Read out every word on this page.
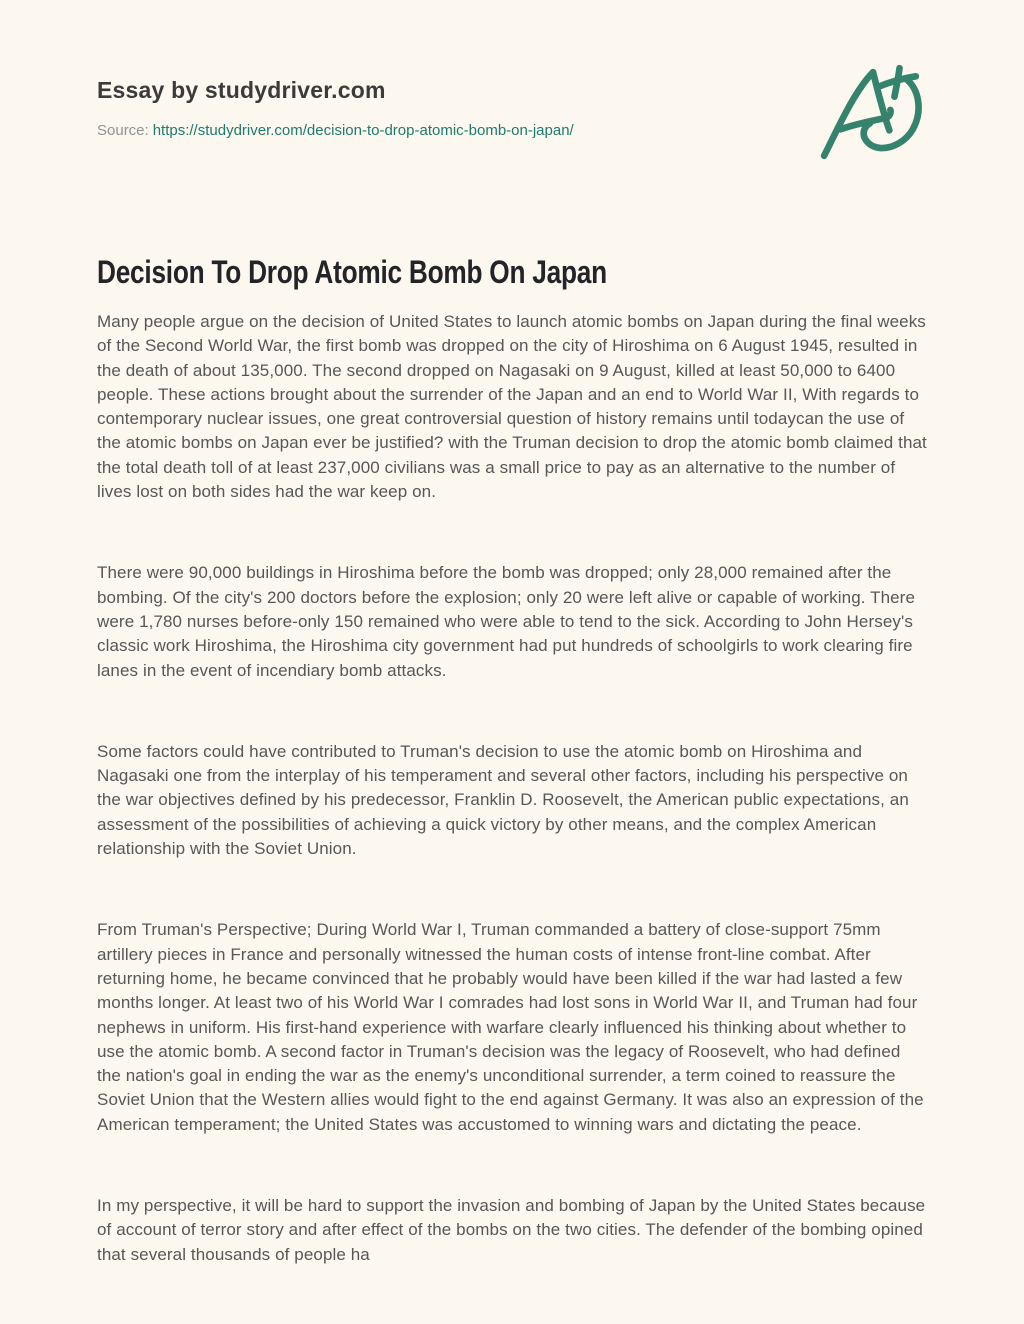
Essay by studydriver.com
Source: https://studydriver.com/decision-to-drop-atomic-bomb-on-japan/
Decision To Drop Atomic Bomb On Japan

Many people argue on the decision of United States to launch atomic bombs on Japan during the final weeks of the Second World War, the first bomb was dropped on the city of Hiroshima on 6 August 1945, resulted in the death of about 135,000. The second dropped on Nagasaki on 9 August, killed at least 50,000 to 6400 people. These actions brought about the surrender of the Japan and an end to World War II, With regards to contemporary nuclear issues, one great controversial question of history remains until todaycan the use of the atomic bombs on Japan ever be justified? with the Truman decision to drop the atomic bomb claimed that the total death toll of at least 237,000 civilians was a small price to pay as an alternative to the number of lives lost on both sides had the war keep on.

There were 90,000 buildings in Hiroshima before the bomb was dropped; only 28,000 remained after the bombing. Of the city's 200 doctors before the explosion; only 20 were left alive or capable of working. There were 1,780 nurses before-only 150 remained who were able to tend to the sick. According to John Hersey's classic work Hiroshima, the Hiroshima city government had put hundreds of schoolgirls to work clearing fire lanes in the event of incendiary bomb attacks.

Some factors could have contributed to Truman's decision to use the atomic bomb on Hiroshima and Nagasaki one from the interplay of his temperament and several other factors, including his perspective on the war objectives defined by his predecessor, Franklin D. Roosevelt, the American public expectations, an assessment of the possibilities of achieving a quick victory by other means, and the complex American relationship with the Soviet Union.

From Truman's Perspective; During World War I, Truman commanded a battery of close-support 75mm artillery pieces in France and personally witnessed the human costs of intense front-line combat. After returning home, he became convinced that he probably would have been killed if the war had lasted a few months longer. At least two of his World War I comrades had lost sons in World War II, and Truman had four nephews in uniform. His first-hand experience with warfare clearly influenced his thinking about whether to use the atomic bomb. A second factor in Truman's decision was the legacy of Roosevelt, who had defined the nation's goal in ending the war as the enemy's unconditional surrender, a term coined to reassure the Soviet Union that the Western allies would fight to the end against Germany. It was also an expression of the American temperament; the United States was accustomed to winning wars and dictating the peace.

In my perspective, it will be hard to support the invasion and bombing of Japan by the United States because of account of terror story and after effect of the bombs on the two cities. The defender of the bombing opined that several thousands of people ha
